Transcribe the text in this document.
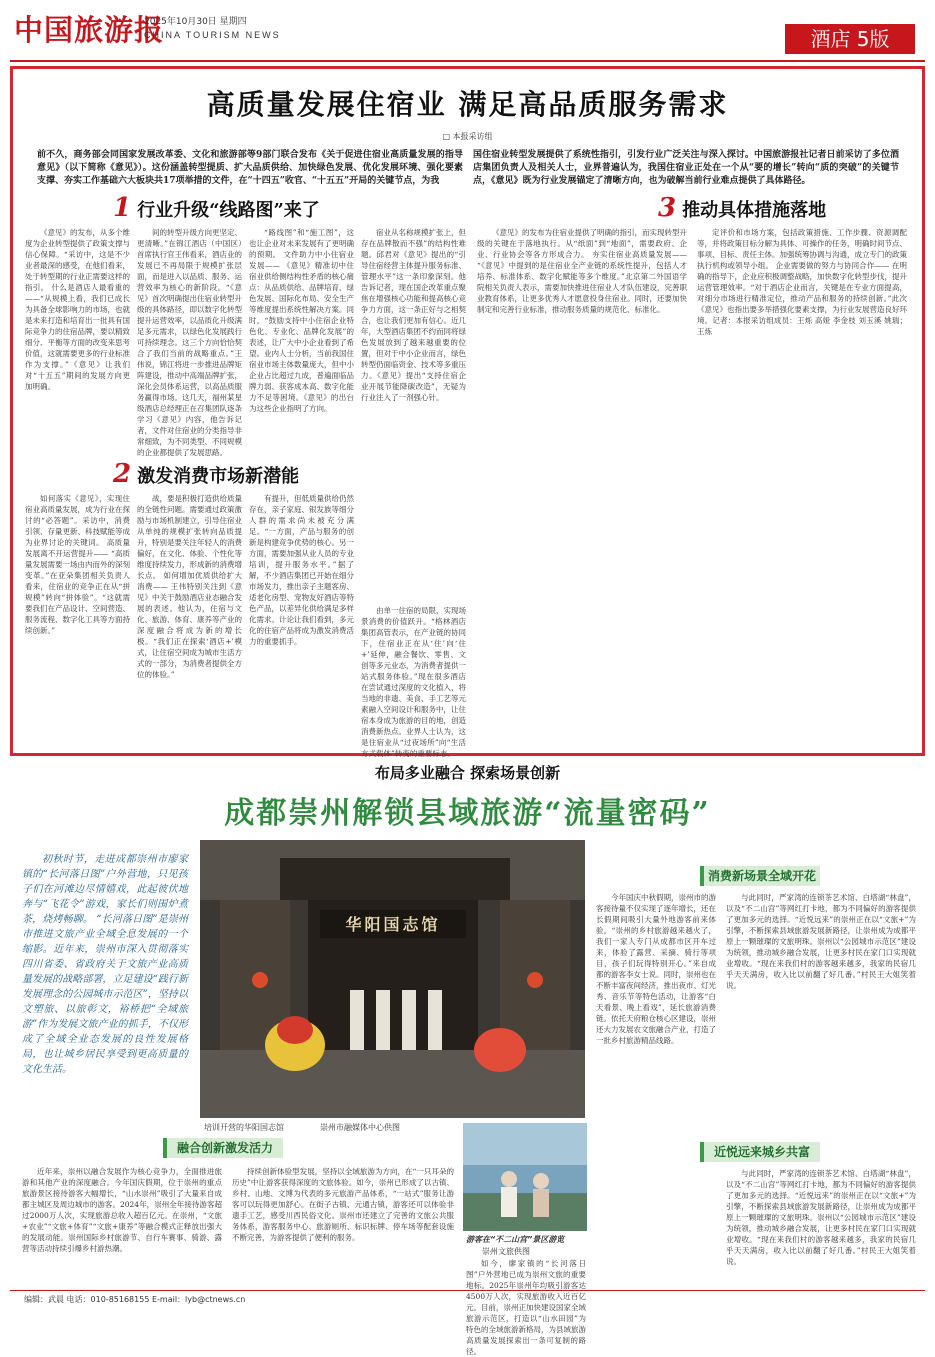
中国旅游报
2025年10月30日 星期四
CHINA TOURISM NEWS	酒店 5版
高质量发展住宿业 满足高品质服务需求
□ 本报采访组
前不久，商务部会同国家发展改革委、文化和旅游部等9部门联合发布《关于促进住宿业高质量发展的指导意见》（以下简称《意见》）。这份涵盖转型提质、扩大品质供给、加快绿色发展、优化发展环境、强化要素支撑、夯实工作基础六大板块共17项举措的文件，在“十四五”收官、“十五五”开局的关键节点，为我
国住宿业转型发展提供了系统性指引，引发行业广泛关注与深入探讨。中国旅游报社记者日前采访了多位酒店集团负责人及相关人士，业界普遍认为，我国住宿业正处在一个从“要的增长”转向“质的突破”的关键节点，《意见》既为行业发展锚定了清晰方向，也为破解当前行业难点提供了具体路径。
1 行业升级“线路图”来了

《意见》的发布，从多个维度为企业转型提供了政策支撑与信心保障。“采访中，这是不少业者最深的感受，在他们看来，处于转型期的行业正需要这样的指引。 什么是酒店人最看重的——“从规模上看，我们已成长为具备全球影响力的市场，也就是未来打造和培育出一批具有国际竞争力的住宿品牌，要以精致细分、平衡等方面的改变来思考价值，这就需要更多的行业标准作为支撑。”《意见》让我们对“十五五”期间的发展方向更加明确。

间的转型升级方向更坚定、更清晰。”在锦江酒店（中国区）首席执行官王伟看来，酒店业的发展已不再局限于规模扩张层面，而是进入以品质、服务、运营效率为核心的新阶段。“《意见》首次明确提出住宿业转型升级的具体路径，即以数字化转型提升运营效率，以品质化升级满足多元需求，以绿色化发展践行可持续理念。这三个方向恰恰契合了我们当前的战略重点。”王伟说，锦江将进一步推进品牌矩阵建设，推动中高端品牌扩张，深化会员体系运营，以高品质服务赢得市场。这几天，福州某星级酒店总经理正在召集团队逐条学习《意见》内容，他告诉记者，文件对住宿业的分类指导非常细致，为不同类型、不同规模的企业都提供了发展思路。

“路线图”和“施工图”，这也让企业对未来发展有了更明确的预期。 文件助力中小住宿业发展—— 《意见》精准切中住宿业供给侧结构性矛盾的核心痛点：从品质供给、品牌培育、绿色发展、国际化布局、安全生产等维度提出系统性解决方案。同时，“鼓励支持中小住宿企业特色化、专业化、品牌化发展”的表述，让广大中小企业看到了希望。业内人士分析，当前我国住宿业市场主体数量庞大，但中小企业占比超过九成，普遍面临品牌力弱、获客成本高、数字化能力不足等困境。《意见》的出台为这些企业指明了方向。

宿业从名称规模扩张上，但存在品牌散而不强”的结构性难题。邱君对《意见》提出的“引导住宿经营主体提升服务标准、管理水平”这一条印象深刻。他告诉记者，现在国企改革重点聚焦在增强核心功能和提高核心竞争力方面，这一条正好与之相契合，也让我们更加有信心。近几年，大型酒店集团不约而同将绿色发展放到了越来越重要的位置，但对于中小企业而言，绿色转型仍面临资金、技术等多重压力。《意见》提出“支持住宿企业开展节能降碳改造”，无疑为行业注入了一剂强心针。

2 激发消费市场新潜能

如何落实《意见》，实现住宿业高质量发展，成为行业在探讨的“必答题”。采访中，消费引领、存量更新、科技赋能等成为业界讨论的关键词。 高质量发展离不开运营提升—— “高质量发展需要一场由内而外的深刻变革。”在亚朵集团相关负责人看来，住宿业的竞争正在从“拼规模”转向“拼体验”。“这就需要我们在产品设计、空间营造、服务流程、数字化工具等方面持续创新。”

战，要是积极打造供给质量的全链性问题。需要通过政策激励与市场机制建立，引导住宿业从单纯的规模扩张转向品质提升，特别是要关注年轻人的消费偏好，在文化、体验、个性化等维度持续发力，形成新的消费增长点。 如何增加优质供给扩大消费—— 王伟特别关注到《意见》中关于鼓励酒店业态融合发展的表述。他认为，住宿与文化、旅游、体育、康养等产业的深度融合将成为新的增长极。“我们正在探索‘酒店+’模式，让住宿空间成为城市生活方式的一部分，为消费者提供全方位的体验。”

有提升，但低质量供给仍然存在，亲子家庭、银发族等细分人群的需求尚未被充分满足。“一方面，产品与服务的创新是构建竞争优势的核心。另一方面，需要加强从业人员的专业培训，提升服务水平。”据了解，不少酒店集团已开始在细分市场发力，推出亲子主题客房、适老化房型、宠物友好酒店等特色产品，以差异化供给满足多样化需求。计论让我们看到，多元化的住宿产品将成为激发消费活力的重要抓手。

由单一住宿的局限，实现场景消费的价值跃升。“格林酒店集团高管表示，在产业链的协同下，住宿业正在从‘住’向‘住+’延伸，融合餐饮、零售、文创等多元业态，为消费者提供一站式服务体验。”现在很多酒店在尝试通过深度的文化植入，将当地的非遗、美食、手工艺等元素融入空间设计和服务中，让住宿本身成为旅游的目的地，创造消费新热点。业界人士认为，这是住宿业从“过夜场所”向“生活方式载体”转变的重要标志。

3 推动具体措施落地

《意见》的发布为住宿业提供了明确的指引，而实现转型升级的关键在于落地执行。从“纸面”到“地面”，需要政府、企业、行业协会等各方形成合力。 夯实住宿业高质量发展—— “《意见》中提到的是住宿业全产业链的系统性提升，包括人才培养、标准体系、数字化赋能等多个维度。”北京第二外国语学院相关负责人表示，需要加快推进住宿业人才队伍建设，完善职业教育体系，让更多优秀人才愿意投身住宿业。同时，还要加快制定和完善行业标准，推动服务质量的规范化、标准化。

定评价和市场方案，包括政策措施、工作步骤、资源调配等，并将政策目标分解为具体、可操作的任务，明确时间节点、事项、目标、责任主体。加强统筹协调与沟通，成立专门的政策执行机构或领导小组。 企业需要做的努力与协同合作—— 在明确的指导下，企业应积极调整战略，加快数字化转型步伐，提升运营管理效率。“对于酒店企业而言，关键是在专业方面提高，对细分市场进行精准定位，推动产品和服务的持续创新。”此次《意见》也指出要多举措强化要素支撑，为行业发展营造良好环境。记者：本报采访组成员：王烁 高娅 李金枝 刘玉溪 姚瑞；王炼

布局多业融合 探索场景创新
成都崇州解锁县域旅游“流量密码”

初秋时节，走进成都崇州市廖家镇的“长河落日图”户外营地，只见孩子们在河滩边尽情嬉戏，此起彼伏地奔与“飞花令”游戏，家长们则围炉煮茶，烧烤畅聊。 “长河落日图”是崇州市推进文旅产业全域全息发展的一个缩影。近年来，崇州市深入贯彻落实四川省委、省政府关于文旅产业高质量发展的战略部署，立足建设“践行新发展理念的公园城市示范区”，坚持以文塑旅、以旅彰文，裕桥把“全域旅游”作为发展文旅产业的抓手，不仅形成了全域全业态发展的良性发展格局，也让城乡居民享受到更高质量的文化生活。

华阳国志馆
培训开营的华阳国志馆	崇州市融媒体中心供图
游客在“不二山宫”景区游览
崇州文旅供图
融合创新激发活力
消费新场景全域开花
近悦远来城乡共富

近年来，崇州以融合发展作为核心竞争力，全面推进旅游和其他产业的深度融合。今年国庆假期，位于崇州的重点旅游景区接待游客大幅增长，“山水崇州”吸引了大量来自成都主城区及周边城市的游客。2024年，崇州全年接待游客超过2000万人次，实现旅游总收入超百亿元。在崇州，“文旅+农业”“文旅+体育”“文旅+康养”等融合模式正释放出强大的发展动能。崇州国际乡村旅游节、自行车赛事、骑游、露营等活动持续引爆乡村游热潮。

持续创新体验型发展，坚持以全域旅游为方向，在“一只耳朵的历史”中让游客获得深度的文旅体验。如今，崇州已形成了以古镇、乡村、山地、文博为代表的多元旅游产品体系，“一站式”服务让游客可以玩得更加舒心。在街子古镇、元通古镇，游客还可以体验非遗手工艺，感受川西民俗文化。崇州市还建立了完善的文旅公共服务体系，游客服务中心、旅游厕所、标识标牌、停车场等配套设施不断完善，为游客提供了便利的服务。

如今，廖家镇的“长河落日图”户外营地已成为崇州文旅的重要地标。2025年崇州年均吸引游客达4500万人次，实现旅游收入近百亿元。目前，崇州正加快建设国家全域旅游示范区，打造以“山水田园”为特色的全域旅游新格局，为县域旅游高质量发展探索出一条可复制的路径。

今年国庆中秋假期，崇州市的游客接待量不仅实现了逐年增长，还在长假期间吸引大量外地游客前来体验。“崇州的乡村旅游越来越火了，我们一家人专门从成都市区开车过来，体验了露营、采摘、骑行等项目，孩子们玩得特别开心。”来自成都的游客李女士说。同时，崇州也在不断丰富夜间经济，推出夜市、灯光秀、音乐节等特色活动，让游客“白天看景、晚上看戏”，延长旅游消费链。依托天府粮仓核心区建设，崇州还大力发展农文旅融合产业，打造了一批乡村旅游精品线路。

与此同时，严家湾的连锁茶艺术馆、白塔湖“林盘”，以及“不二山宫”等网红打卡地，都为不同偏好的游客提供了更加多元的选择。“近悦远来”的崇州正在以“文旅+”为引擎，不断探索县域旅游发展新路径，让崇州成为成都平原上一颗璀璨的文旅明珠。崇州以“公园城市示范区”建设为统领，推动城乡融合发展，让更多村民在家门口实现就业增收。“现在来我们村的游客越来越多，我家的民宿几乎天天满房，收入比以前翻了好几番。”村民王大姐笑着说。

与此同时，严家湾的连锁茶艺术馆、白塔湖“林盘”，以及“不二山宫”等网红打卡地，都为不同偏好的游客提供了更加多元的选择。“近悦远来”的崇州正在以“文旅+”为引擎，不断探索县域旅游发展新路径，让崇州成为成都平原上一颗璀璨的文旅明珠。崇州以“公园城市示范区”建设为统领，推动城乡融合发展，让更多村民在家门口实现就业增收。“现在来我们村的游客越来越多，我家的民宿几乎天天满房，收入比以前翻了好几番。”村民王大姐笑着说。

编辑：武晨 电话：010-85168155 E-mail：lyb@ctnews.cn
